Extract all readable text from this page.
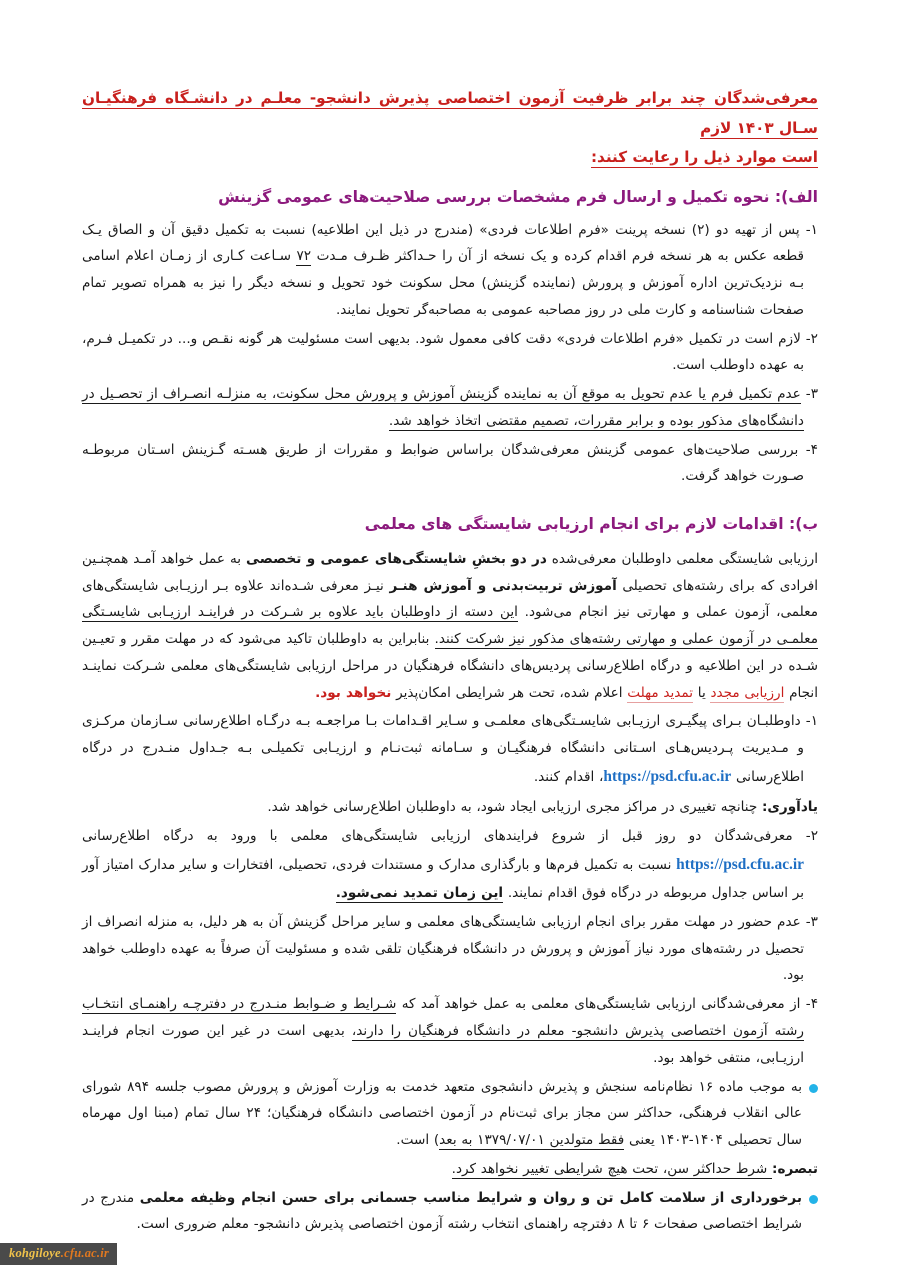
معرفی‌شدگان چند برابر ظرفیت آزمون اختصاصی پذیرش دانشجو- معلـم در دانشـگاه فرهنگیـان سـال ۱۴۰۳ لازم
است موارد ذیل را رعایت کنند:
الف): نحوه تکمیل و ارسال فرم مشخصات بررسی صلاحیت‌های عمومی گزینش

۱- پس از تهیه دو (۲) نسخه پرینت «فرم اطلاعات فردی» (مندرج در ذیل این اطلاعیه) نسبت به تکمیل دقیق آن و الصاق یـک قطعه عکس به هر نسخه فرم اقدام کرده و یک نسخه از آن را حـداکثر ظـرف مـدت ۷۲ سـاعت کـاری از زمـان اعلام اسامی بـه نزدیک‌ترین اداره آموزش و پرورش (نماینده گزینش) محل سکونت خود تحویل و نسخه دیگر را نیز به همراه تصویر تمام صفحات شناسنامه و کارت ملی در روز مصاحبه عمومی به مصاحبه‌گر تحویل نمایند.

۲- لازم است در تکمیل «فرم اطلاعات فردی» دقت کافی معمول شود. بدیهی است مسئولیت هر گونه نقـص و... در تکمیـل فـرم، به عهده داوطلب است.

۳- عدم تکمیل فرم یا عدم تحویل به موقع آن به نماینده گزینش آموزش و پرورش محل سکونت، به منزلـه انصـراف از تحصـیل در دانشگاه‌های مذکور بوده و برابر مقررات، تصمیم مقتضی اتخاذ خواهد شد.

۴- بررسی صلاحیت‌های عمومی گزینش معرفی‌شدگان براساس ضوابط و مقررات از طریق هسـته گـزینش اسـتان مربوطـه صـورت خواهد گرفت.

ب): اقدامات لازم برای انجام ارزیابی شایستگی های معلمی

ارزیابی شایستگی معلمی داوطلبان معرفی‌شده در دو بخشِ شایستگی‌های عمومی و تخصصی به عمل خواهد آمـد همچنـین افرادی که برای رشته‌های تحصیلی آموزش تربیت‌بدنی و آموزش هنـر نیـز معرفی شـده‌اند علاوه بـر ارزیـابی شایستگی‌های معلمی، آزمون عملی و مهارتی نیز انجام می‌شود. این دسته از داوطلبان باید علاوه بر شـرکت در فراینـد ارزیـابی شایسـتگی معلمـی در آزمون عملی و مهارتی رشته‌های مذکور نیز شرکت کنند. بنابراین به داوطلبان تاکید می‌شود که در مهلت مقرر و تعیـین شـده در این اطلاعیه و درگاه اطلاع‌رسانی پردیس‌های دانشگاه فرهنگیان در مراحل ارزیابی شایستگی‌های معلمی شـرکت نماینـد انجام ارزیابی مجدد یا تمدید مهلت اعلام شده، تحت هر شرایطی امکان‌پذیر نخواهد بود.

۱- داوطلبـان بـرای پیگیـری ارزیـابی شایسـتگی‌های معلمـی و سـایر اقـدامات بـا مراجعـه بـه درگـاه اطلاع‌رسانی سـازمان مرکـزی و مـدیریت پـردیس‌هـای اسـتانی دانشگاه فرهنگیـان و سـامانه ثبت‌نـام و ارزیـابی تکمیلـی بـه جـداول منـدرج در درگاه اطلاع‌رسانی https://psd.cfu.ac.ir، اقدام کنند.

یادآوری: چنانچه تغییری در مراکز مجری ارزیابی ایجاد شود، به داوطلبان اطلاع‌رسانی خواهد شد.

۲- معرفی‌شدگان دو روز قبل از شروع فرایندهای ارزیابی شایستگی‌های معلمی با ورود به درگاه اطلاع‌رسانی https://psd.cfu.ac.ir نسبت به تکمیل فرم‌ها و بارگذاری مدارک و مستندات فردی، تحصیلی، افتخارات و سایر مدارک امتیاز آور بر اساس جداول مربوطه در درگاه فوق اقدام نمایند. این زمان تمدید نمی‌شود.

۳- عدم حضور در مهلت مقرر برای انجام ارزیابی شایستگی‌های معلمی و سایر مراحل گزینش آن به هر دلیل، به منزله انصراف از تحصیل در رشته‌های مورد نیاز آموزش و پرورش در دانشگاه فرهنگیان تلقی شده و مسئولیت آن صرفاً به عهده داوطلب خواهد بود.

۴- از معرفی‌شدگانی ارزیابی شایستگی‌های معلمی به عمل خواهد آمد که شـرایط و ضـوابط منـدرج در دفترچـه راهنمـای انتخـاب رشته آزمون اختصاصی پذیرش دانشجو- معلم در دانشگاه فرهنگیان را دارند، بدیهی است در غیر این صورت انجام فراینـد ارزیـابی، منتفی خواهد بود.

به موجب ماده ۱۶ نظام‌نامه سنجش و پذیرش دانشجوی متعهد خدمت به وزارت آموزش و پرورش مصوب جلسه ۸۹۴ شورای عالی انقلاب فرهنگی، حداکثر سن مجاز برای ثبت‌نام در آزمون اختصاصی دانشگاه فرهنگیان؛ ۲۴ سال تمام (مبنا اول مهرماه سال تحصیلی ۱۴۰۴-۱۴۰۳ یعنی فقط متولدین ۱۳۷۹/۰۷/۰۱ به بعد) است.

تبصره: شرط حداکثر سن، تحت هیچ شرایطی تغییر نخواهد کرد.

برخورداری از سلامت کامل تن و روان و شرایط مناسب جسمانی برای حسن انجام وظیفه معلمی مندرج در شرایط اختصاصی صفحات ۶ تا ۸ دفترچه راهنمای انتخاب رشته آزمون اختصاصی پذیرش دانشجو- معلم ضروری است.

kohgiloye.cfu.ac.ir
